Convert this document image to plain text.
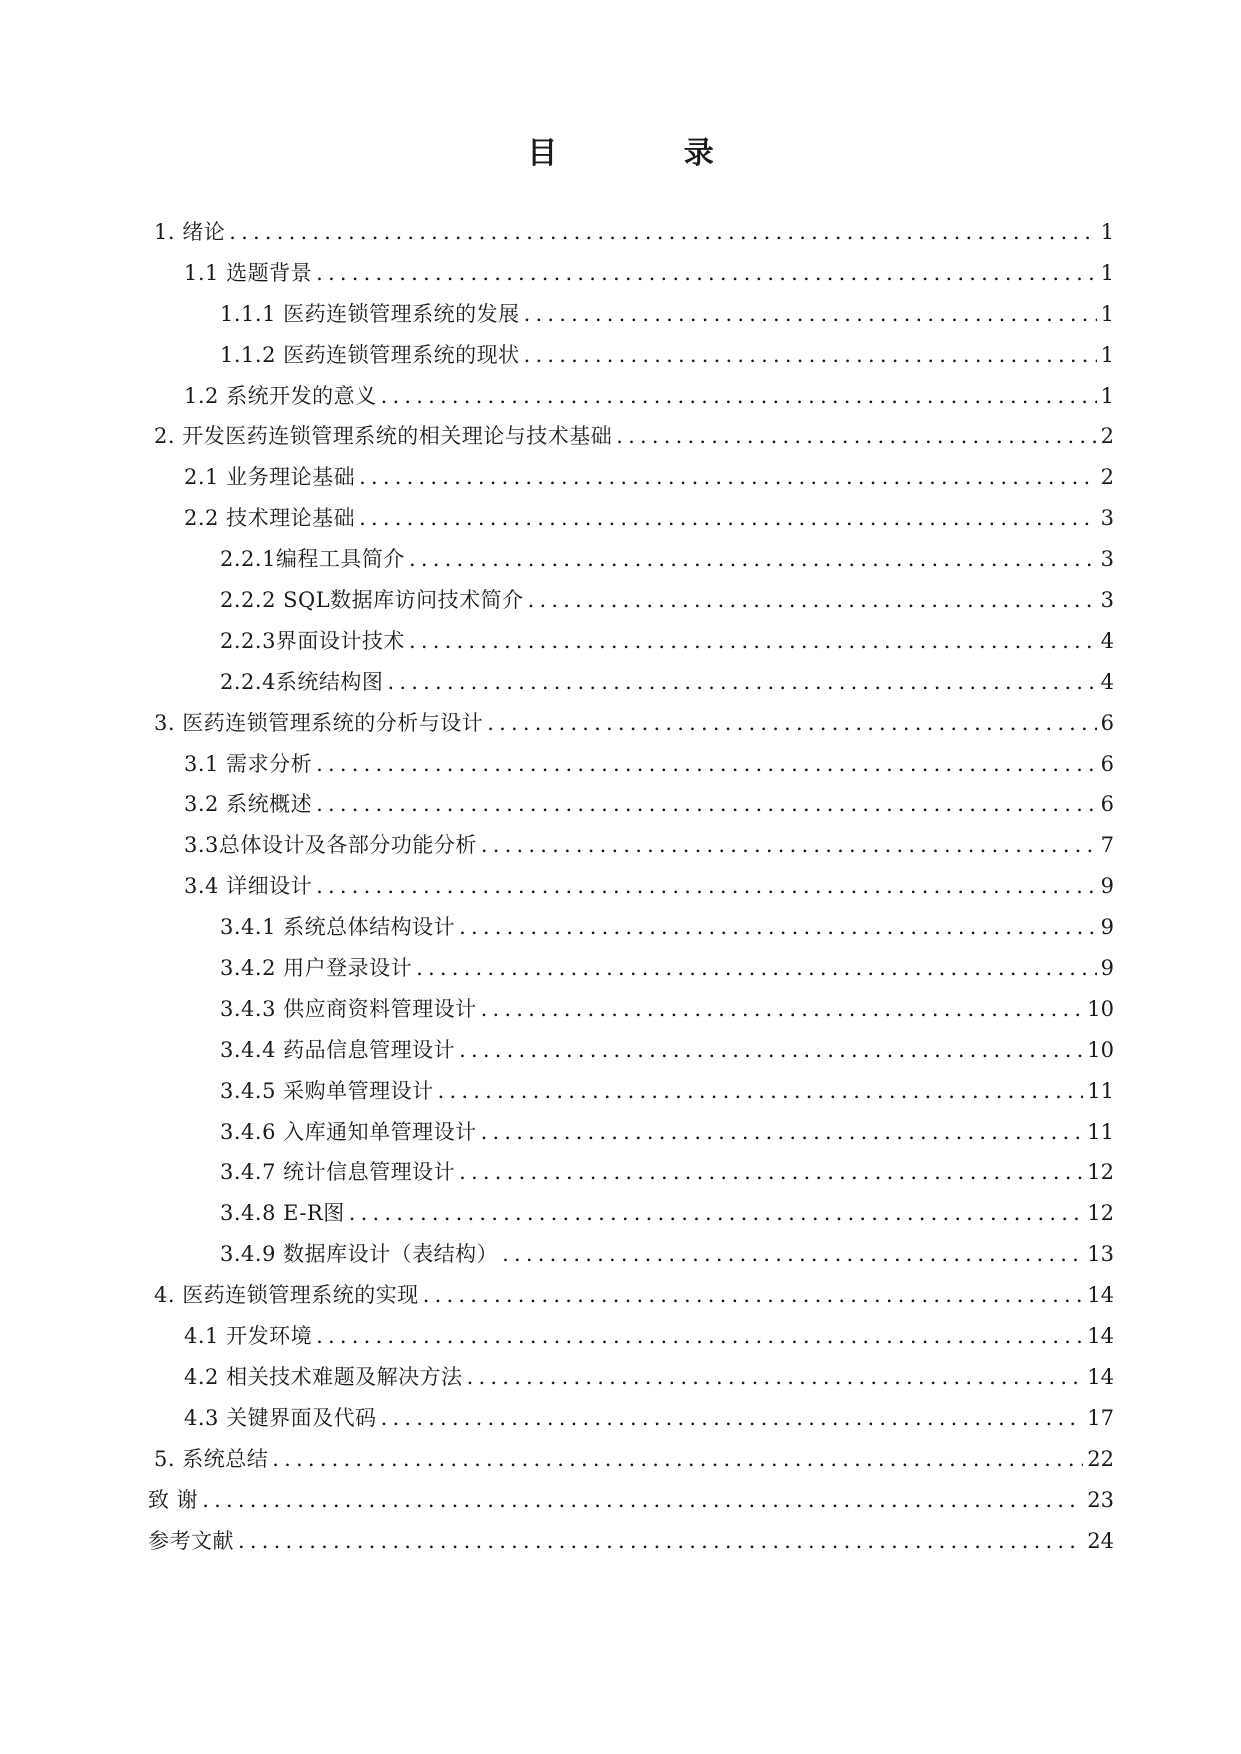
目 录
1. 绪论 .....	1
1.1 选题背景 .....	1
1.1.1 医药连锁管理系统的发展 .....	1
1.1.2 医药连锁管理系统的现状 .....	1
1.2 系统开发的意义 .....	1
2. 开发医药连锁管理系统的相关理论与技术基础 .....	2
2.1 业务理论基础 .....	2
2.2 技术理论基础 .....	3
2.2.1编程工具简介 .....	3
2.2.2 SQL数据库访问技术简介 .....	3
2.2.3界面设计技术 .....	4
2.2.4系统结构图 .....	4
3. 医药连锁管理系统的分析与设计 .....	6
3.1 需求分析 .....	6
3.2 系统概述 .....	6
3.3总体设计及各部分功能分析 .....	7
3.4 详细设计 .....	9
3.4.1 系统总体结构设计 .....	9
3.4.2 用户登录设计 .....	9
3.4.3 供应商资料管理设计 .....	10
3.4.4 药品信息管理设计 .....	10
3.4.5 采购单管理设计 .....	11
3.4.6 入库通知单管理设计 .....	11
3.4.7 统计信息管理设计 .....	12
3.4.8 E-R图 .....	12
3.4.9 数据库设计（表结构） .....	13
4. 医药连锁管理系统的实现 .....	14
4.1 开发环境 .....	14
4.2 相关技术难题及解决方法 .....	14
4.3 关键界面及代码 .....	17
5. 系统总结 .....	22
致 谢 .....	23
参考文献 .....	24
